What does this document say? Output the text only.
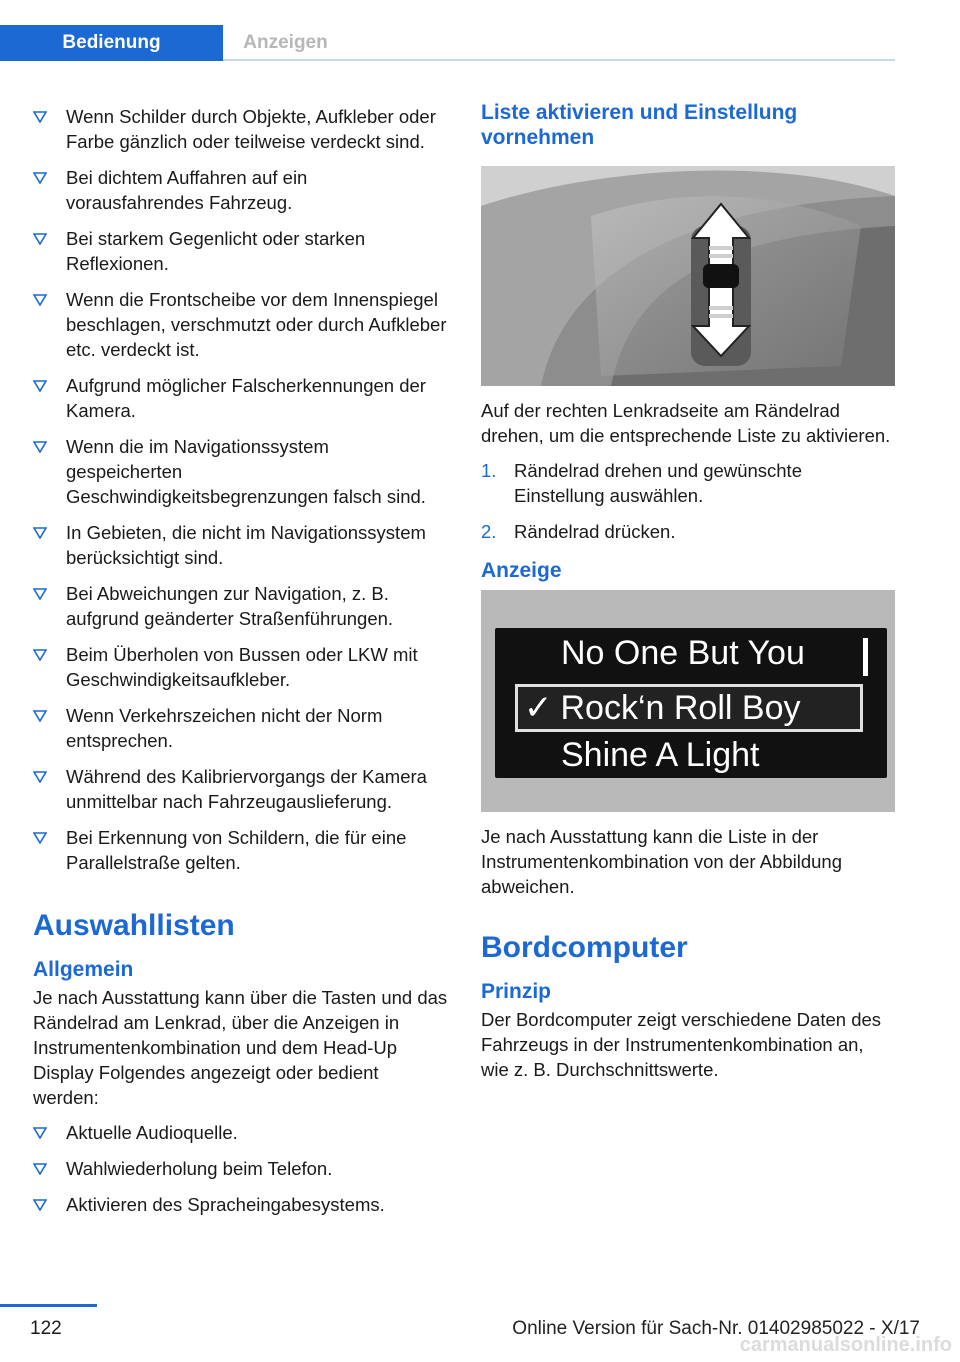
Bedienung	Anzeigen
Wenn Schilder durch Objekte, Aufkleber oder Farbe gänzlich oder teilweise verdeckt sind.
Bei dichtem Auffahren auf ein vorausfahrendes Fahrzeug.
Bei starkem Gegenlicht oder starken Reflexionen.
Wenn die Frontscheibe vor dem Innenspiegel beschlagen, verschmutzt oder durch Aufkleber etc. verdeckt ist.
Aufgrund möglicher Falscherkennungen der Kamera.
Wenn die im Navigationssystem gespeicherten Geschwindigkeitsbegrenzungen falsch sind.
In Gebieten, die nicht im Navigationssystem berücksichtigt sind.
Bei Abweichungen zur Navigation, z. B. aufgrund geänderter Straßenführungen.
Beim Überholen von Bussen oder LKW mit Geschwindigkeitsaufkleber.
Wenn Verkehrszeichen nicht der Norm entsprechen.
Während des Kalibriervorgangs der Kamera unmittelbar nach Fahrzeugauslieferung.
Bei Erkennung von Schildern, die für eine Parallelstraße gelten.
Auswahllisten
Allgemein
Je nach Ausstattung kann über die Tasten und das Rändelrad am Lenkrad, über die Anzeigen in Instrumentenkombination und dem Head-Up Display Folgendes angezeigt oder bedient werden:
Aktuelle Audioquelle.
Wahlwiederholung beim Telefon.
Aktivieren des Spracheingabesystems.
Liste aktivieren und Einstellung vornehmen
Auf der rechten Lenkradseite am Rändelrad drehen, um die entsprechende Liste zu aktivieren.
1. Rändelrad drehen und gewünschte Einstellung auswählen.
2. Rändelrad drücken.
Anzeige
No One But You
✓ Rock‘n Roll Boy
Shine A Light
Je nach Ausstattung kann die Liste in der Instrumentenkombination von der Abbildung abweichen.
Bordcomputer
Prinzip
Der Bordcomputer zeigt verschiedene Daten des Fahrzeugs in der Instrumentenkombination an, wie z. B. Durchschnittswerte.
122	Online Version für Sach-Nr. 01402985022 - X/17
carmanualsonline.info
